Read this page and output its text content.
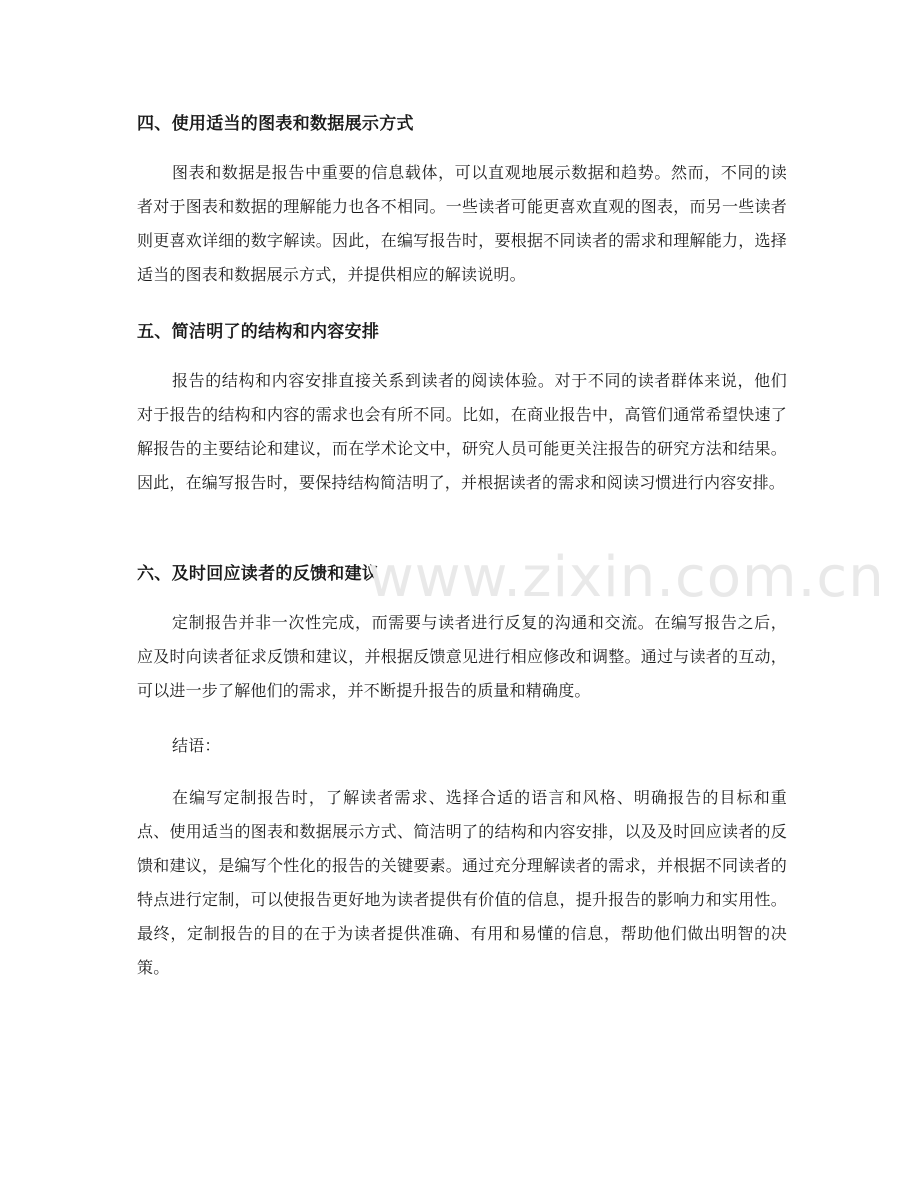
四、使用适当的图表和数据展示方式

图表和数据是报告中重要的信息载体，可以直观地展示数据和趋势。然而，不同的读者对于图表和数据的理解能力也各不相同。一些读者可能更喜欢直观的图表，而另一些读者则更喜欢详细的数字解读。因此，在编写报告时，要根据不同读者的需求和理解能力，选择适当的图表和数据展示方式，并提供相应的解读说明。

五、简洁明了的结构和内容安排

报告的结构和内容安排直接关系到读者的阅读体验。对于不同的读者群体来说，他们对于报告的结构和内容的需求也会有所不同。比如，在商业报告中，高管们通常希望快速了解报告的主要结论和建议，而在学术论文中，研究人员可能更关注报告的研究方法和结果。因此，在编写报告时，要保持结构简洁明了，并根据读者的需求和阅读习惯进行内容安排。

六、及时回应读者的反馈和建议

定制报告并非一次性完成，而需要与读者进行反复的沟通和交流。在编写报告之后，应及时向读者征求反馈和建议，并根据反馈意见进行相应修改和调整。通过与读者的互动，可以进一步了解他们的需求，并不断提升报告的质量和精确度。

结语：

在编写定制报告时，了解读者需求、选择合适的语言和风格、明确报告的目标和重点、使用适当的图表和数据展示方式、简洁明了的结构和内容安排，以及及时回应读者的反馈和建议，是编写个性化的报告的关键要素。通过充分理解读者的需求，并根据不同读者的特点进行定制，可以使报告更好地为读者提供有价值的信息，提升报告的影响力和实用性。最终，定制报告的目的在于为读者提供准确、有用和易懂的信息，帮助他们做出明智的决策。

www.zixin.com.cn
